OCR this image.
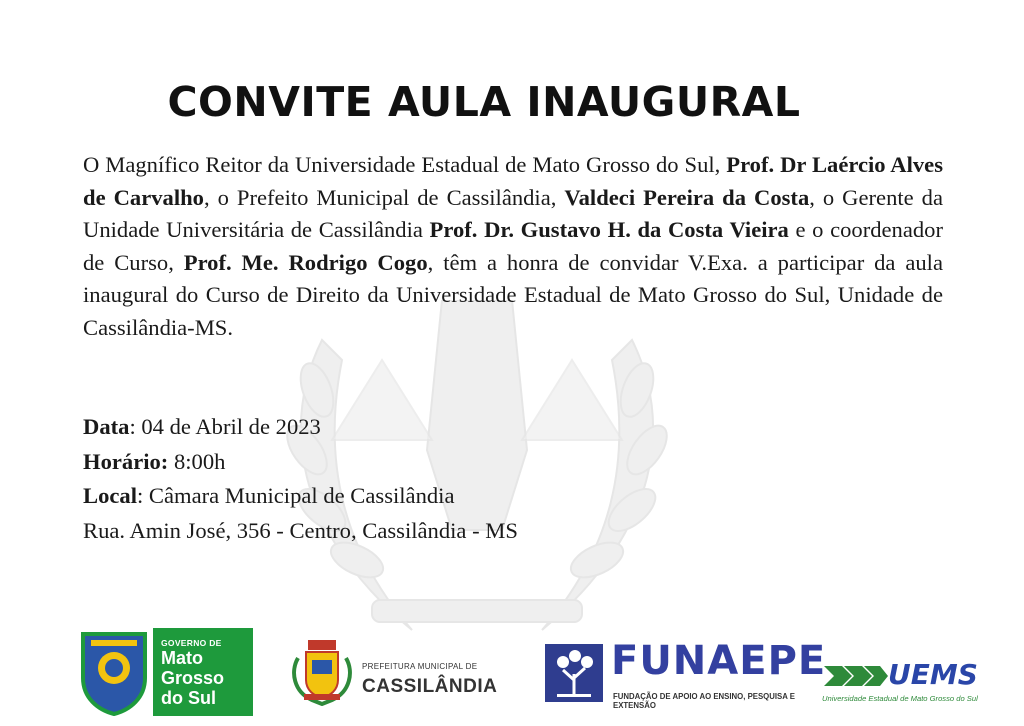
CONVITE AULA INAUGURAL
O Magnífico Reitor da Universidade Estadual de Mato Grosso do Sul, Prof. Dr Laércio Alves de Carvalho, o Prefeito Municipal de Cassilândia, Valdeci Pereira da Costa, o Gerente da Unidade Universitária de Cassilândia Prof. Dr. Gustavo H. da Costa Vieira e o coordenador de Curso, Prof. Me. Rodrigo Cogo, têm a honra de convidar V.Exa. a participar da aula inaugural do Curso de Direito da Universidade Estadual de Mato Grosso do Sul, Unidade de Cassilândia-MS.
Data: 04 de Abril de 2023
Horário: 8:00h
Local: Câmara Municipal de Cassilândia
Rua. Amin José, 356 - Centro, Cassilândia - MS
GOVERNO DE
Mato
Grosso
do Sul
PREFEITURA MUNICIPAL DE
CASSILÂNDIA
FUNAEPE
FUNDAÇÃO DE APOIO AO ENSINO, PESQUISA E EXTENSÃO
UEMS
Universidade Estadual de Mato Grosso do Sul
